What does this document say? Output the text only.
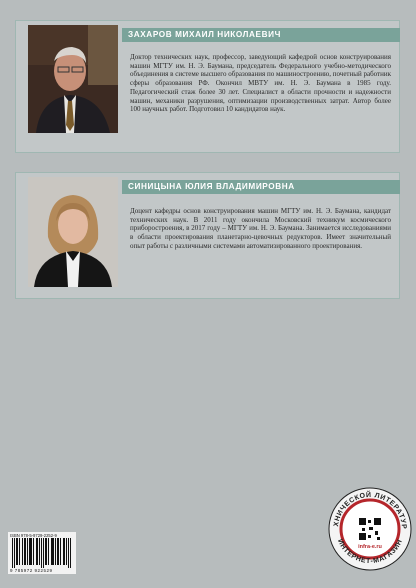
ЗАХАРОВ МИХАИЛ НИКОЛАЕВИЧ
Доктор технических наук, профессор, заведующий кафедрой основ конструирования машин МГТУ им. Н. Э. Баумана, председатель Федерального учебно-методического объединения в системе высшего образования по машиностроению, почетный работник сферы образования РФ. Окончил МВТУ им. Н. Э. Баумана в 1985 году. Педагогический стаж более 30 лет. Специалист в области прочности и надежности машин, механики разрушения, оптимизации производственных затрат. Автор более 100 научных работ. Подготовил 10 кандидатов наук.
СИНИЦЫНА ЮЛИЯ ВЛАДИМИРОВНА
Доцент кафедры основ конструирования машин МГТУ им. Н. Э. Баумана, кандидат технических наук. В 2011 году окончила Московский техникум космического приборостроения, в 2017 году – МГТУ им. Н. Э. Баумана. Занимается исследованиями в области проектирования планетарно-цевочных редукторов. Имеет значительный опыт работы с различными системами автоматизированного проектирования.
ISBN 978-5-9729-2252-9
9 785972 922529
ХНИЧЕСКОЙ ЛИТЕРАТУР
ИНТЕРНЕТ-МАГАЗИН
infra-e.ru
